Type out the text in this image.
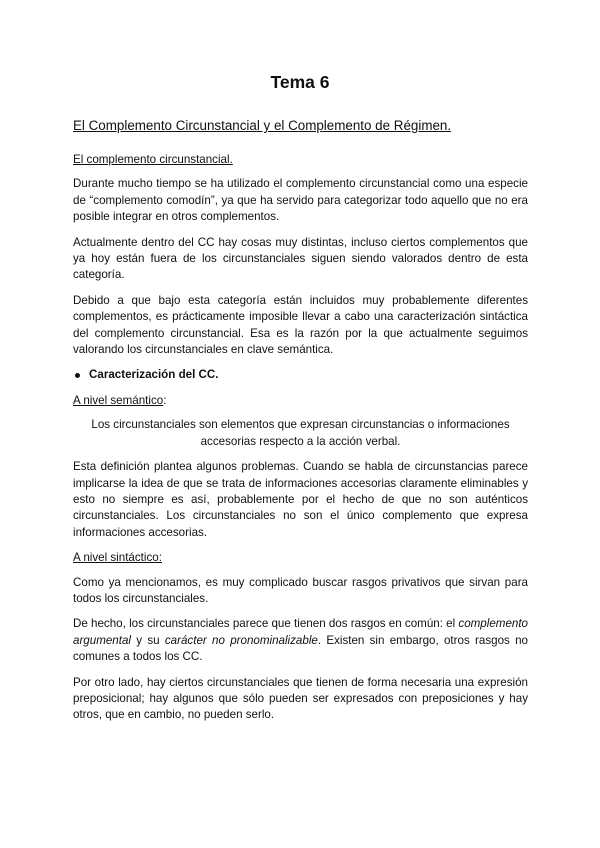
Tema 6
El Complemento Circunstancial y el Complemento de Régimen.

El complemento circunstancial.

Durante mucho tiempo se ha utilizado el complemento circunstancial como una especie de “complemento comodín”, ya que ha servido para categorizar todo aquello que no era posible integrar en otros complementos.

Actualmente dentro del CC hay cosas muy distintas, incluso ciertos complementos que ya hoy están fuera de los circunstanciales siguen siendo valorados dentro de esta categoría.

Debido a que bajo esta categoría están incluidos muy probablemente diferentes complementos, es prácticamente imposible llevar a cabo una caracterización sintáctica del complemento circunstancial. Esa es la razón por la que actualmente seguimos valorando los circunstanciales en clave semántica.

Caracterización del CC.

A nivel semántico:

Los circunstanciales son elementos que expresan circunstancias o informaciones accesorias respecto a la acción verbal.

Esta definición plantea algunos problemas. Cuando se habla de circunstancias parece implicarse la idea de que se trata de informaciones accesorias claramente eliminables y esto no siempre es así, probablemente por el hecho de que no son auténticos circunstanciales. Los circunstanciales no son el único complemento que expresa informaciones accesorias.

A nivel sintáctico:

Como ya mencionamos, es muy complicado buscar rasgos privativos que sirvan para todos los circunstanciales.

De hecho, los circunstanciales parece que tienen dos rasgos en común: el complemento argumental y su carácter no pronominalizable. Existen sin embargo, otros rasgos no comunes a todos los CC.

Por otro lado, hay ciertos circunstanciales que tienen de forma necesaria una expresión preposicional; hay algunos que sólo pueden ser expresados con preposiciones y hay otros, que en cambio, no pueden serlo.
